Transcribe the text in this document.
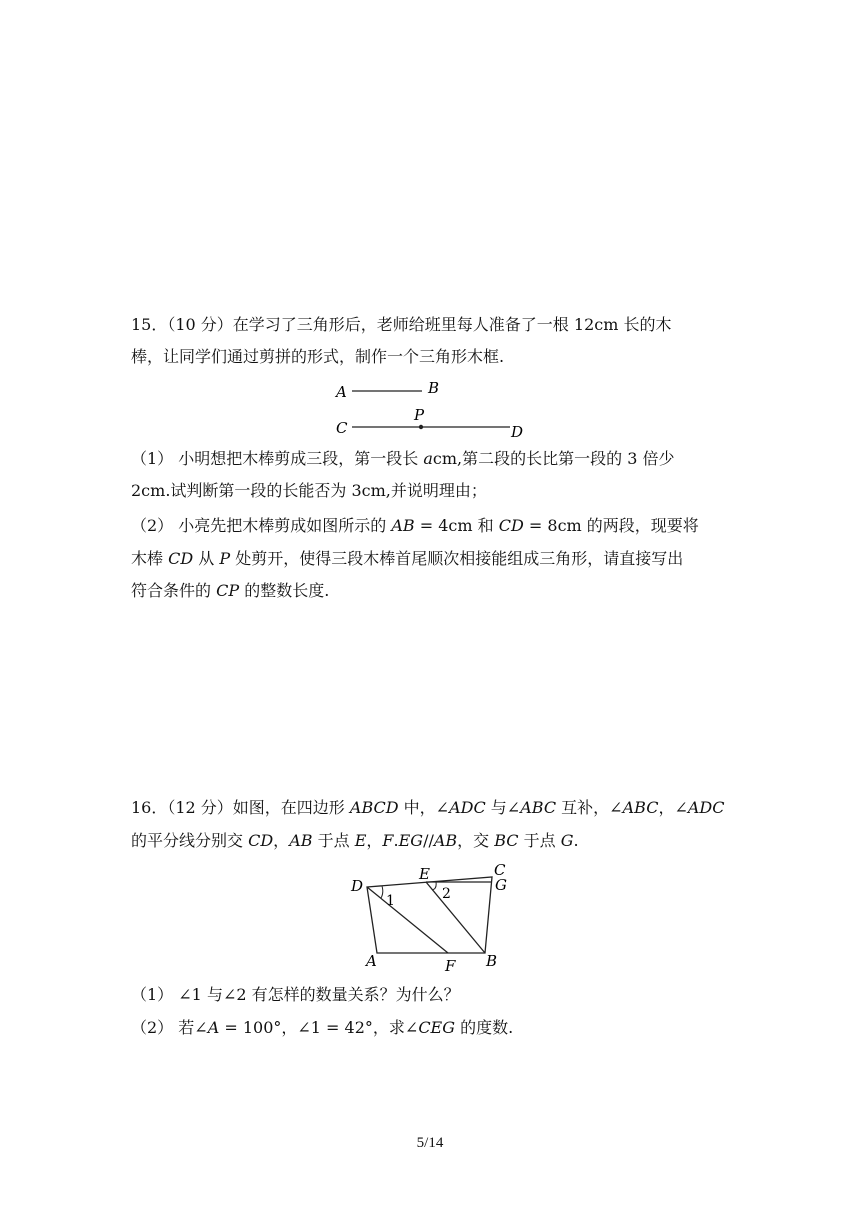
15．（10 分）在学习了三角形后，老师给班里每人准备了一根 12cm 长的木
棒，让同学们通过剪拼的形式，制作一个三角形木框.
A	B
C
P
D
（1） 小明想把木棒剪成三段，第一段长 acm,第二段的长比第一段的 3 倍少
2cm.试判断第一段的长能否为 3cm,并说明理由；
（2） 小亮先把木棒剪成如图所示的 AB = 4cm 和 CD = 8cm 的两段，现要将
木棒 CD 从 P 处剪开，使得三段木棒首尾顺次相接能组成三角形，请直接写出
符合条件的 CP 的整数长度.
16．（12 分）如图，在四边形 ABCD 中，∠ADC 与∠ABC 互补，∠ABC，∠ADC
的平分线分别交 CD，AB 于点 E，F.EG//AB，交 BC 于点 G.
D
E	C
G
1	2
A	F B
（1） ∠1 与∠2 有怎样的数量关系？为什么？
（2） 若∠A = 100°，∠1 = 42°，求∠CEG 的度数.
5/14
